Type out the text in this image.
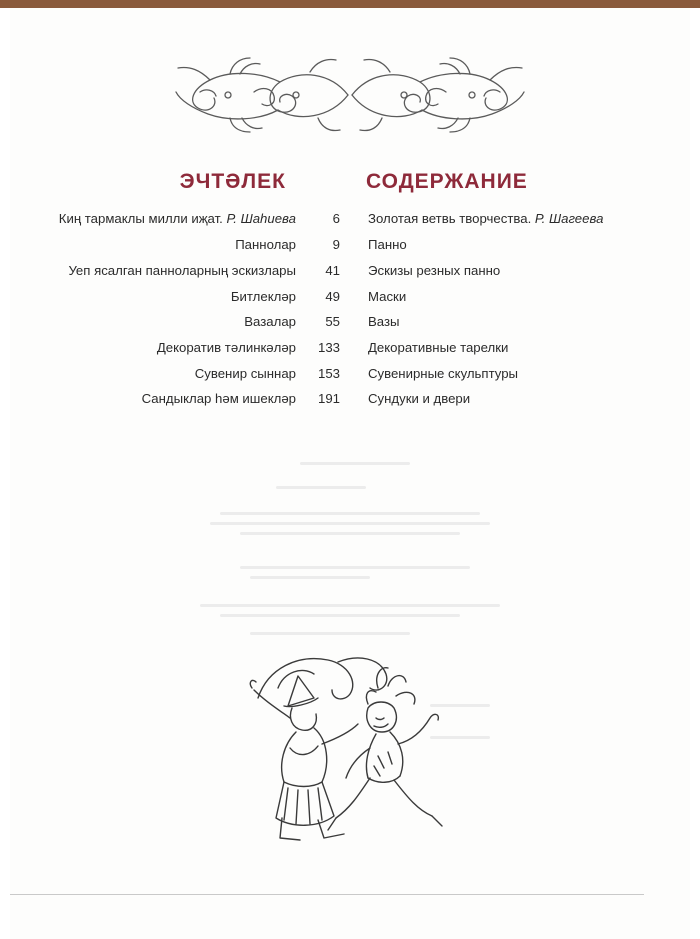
ЭЧТӘЛЕК	СОДЕРЖАНИЕ
Киң тармаклы милли иҗат. Р. Шаһиева	6 Золотая ветвь творчества. Р. Шагеева
Паннолар	9 Панно
Уеп ясалган панноларның эскизлары	41 Эскизы резных панно
Битлекләр	49 Маски
Вазалар	55 Вазы
Декоратив тәлинкәләр	133 Декоративные тарелки
Сувенир сыннар	153 Сувенирные скульптуры
Сандыклар һәм ишекләр	191 Сундуки и двери
